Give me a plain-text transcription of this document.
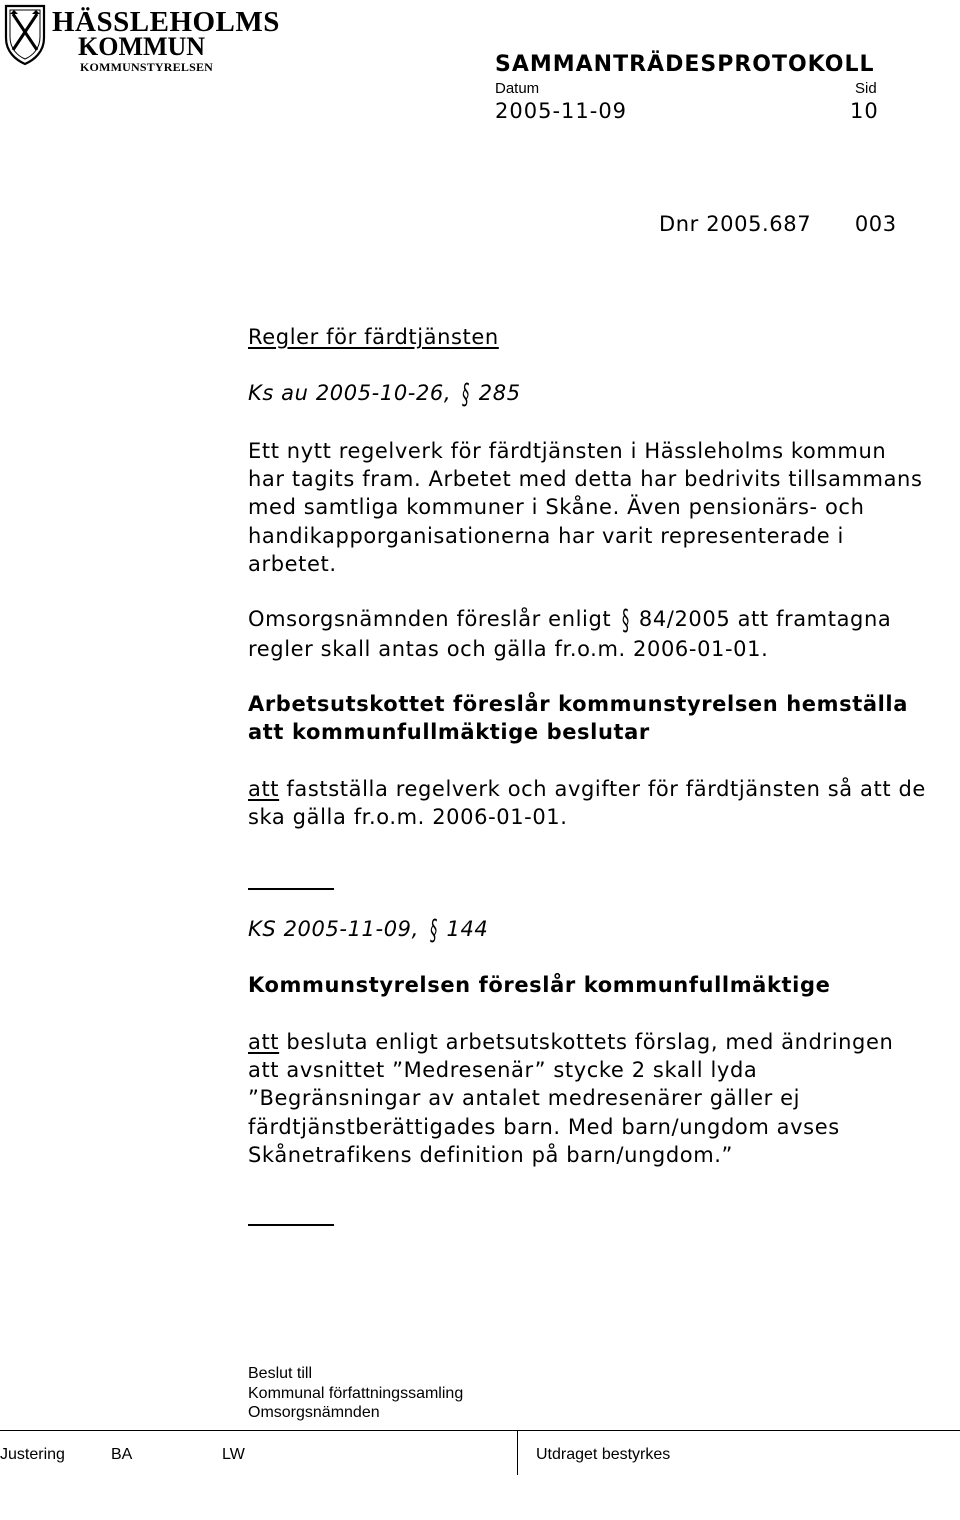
HÄSSLEHOLMS
KOMMUN
KOMMUNSTYRELSEN	SAMMANTRÄDESPROTOKOLL
Datum	Sid
2005-11-09	10
Dnr 2005.687      003
Regler för färdtjänsten
Ks au 2005-10-26, § 285
Ett nytt regelverk för färdtjänsten i Hässleholms kommun
har tagits fram. Arbetet med detta har bedrivits tillsammans
med samtliga kommuner i Skåne. Även pensionärs- och
handikapporganisationerna har varit representerade i
arbetet.
Omsorgsnämnden föreslår enligt § 84/2005 att framtagna
regler skall antas och gälla fr.o.m. 2006-01-01.
Arbetsutskottet föreslår kommunstyrelsen hemställa
att kommunfullmäktige beslutar
att fastställa regelverk och avgifter för färdtjänsten så att de
ska gälla fr.o.m. 2006-01-01.
KS 2005-11-09, § 144
Kommunstyrelsen föreslår kommunfullmäktige
att besluta enligt arbetsutskottets förslag, med ändringen
att avsnittet ”Medresenär” stycke 2 skall lyda
”Begränsningar av antalet medresenärer gäller ej
färdtjänstberättigades barn. Med barn/ungdom avses
Skånetrafikens definition på barn/ungdom.”
Beslut till
Kommunal författningssamling
Omsorgsnämnden
Justering	BA	LW	Utdraget bestyrkes
